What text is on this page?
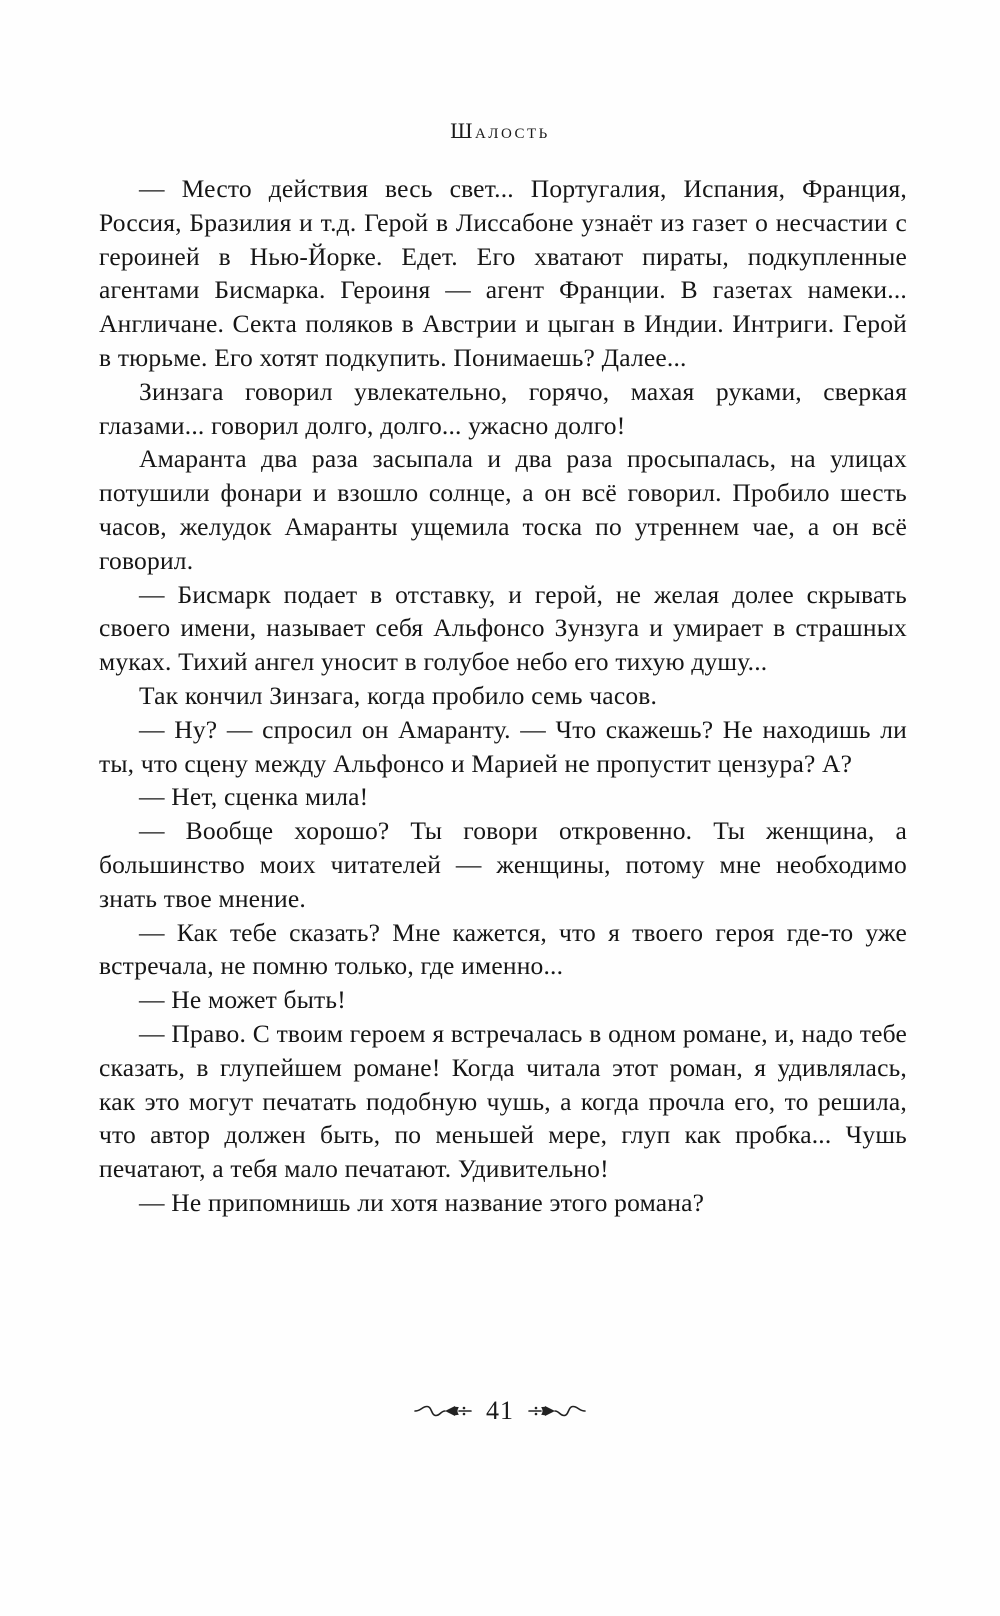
Шалость

— Место действия весь свет... Португалия, Испания, Франция, Россия, Бразилия и т.д. Герой в Лиссабоне узнаёт из газет о несчастии с героиней в Нью-Йорке. Едет. Его хватают пираты, подкупленные агентами Бисмарка. Героиня — агент Франции. В газетах намеки... Англичане. Секта поляков в Австрии и цыган в Индии. Интриги. Герой в тюрьме. Его хотят подкупить. Понимаешь? Далее...

Зинзага говорил увлекательно, горячо, махая руками, сверкая глазами... говорил долго, долго... ужасно долго!

Амаранта два раза засыпала и два раза просыпалась, на улицах потушили фонари и взошло солнце, а он всё говорил. Пробило шесть часов, желудок Амаранты ущемила тоска по утреннем чае, а он всё говорил.

— Бисмарк подает в отставку, и герой, не желая долее скрывать своего имени, называет себя Альфонсо Зунзуга и умирает в страшных муках. Тихий ангел уносит в голубое небо его тихую душу...

Так кончил Зинзага, когда пробило семь часов.

— Ну? — спросил он Амаранту. — Что скажешь? Не находишь ли ты, что сцену между Альфонсо и Марией не пропустит цензура? А?

— Нет, сценка мила!

— Вообще хорошо? Ты говори откровенно. Ты женщина, а большинство моих читателей — женщины, потому мне необходимо знать твое мнение.

— Как тебе сказать? Мне кажется, что я твоего героя где-то уже встречала, не помню только, где именно...

— Не может быть!

— Право. С твоим героем я встречалась в одном романе, и, надо тебе сказать, в глупейшем романе! Когда читала этот роман, я удивлялась, как это могут печатать подобную чушь, а когда прочла его, то решила, что автор должен быть, по меньшей мере, глуп как пробка... Чушь печатают, а тебя мало печатают. Удивительно!

— Не припомнишь ли хотя название этого романа?

41
